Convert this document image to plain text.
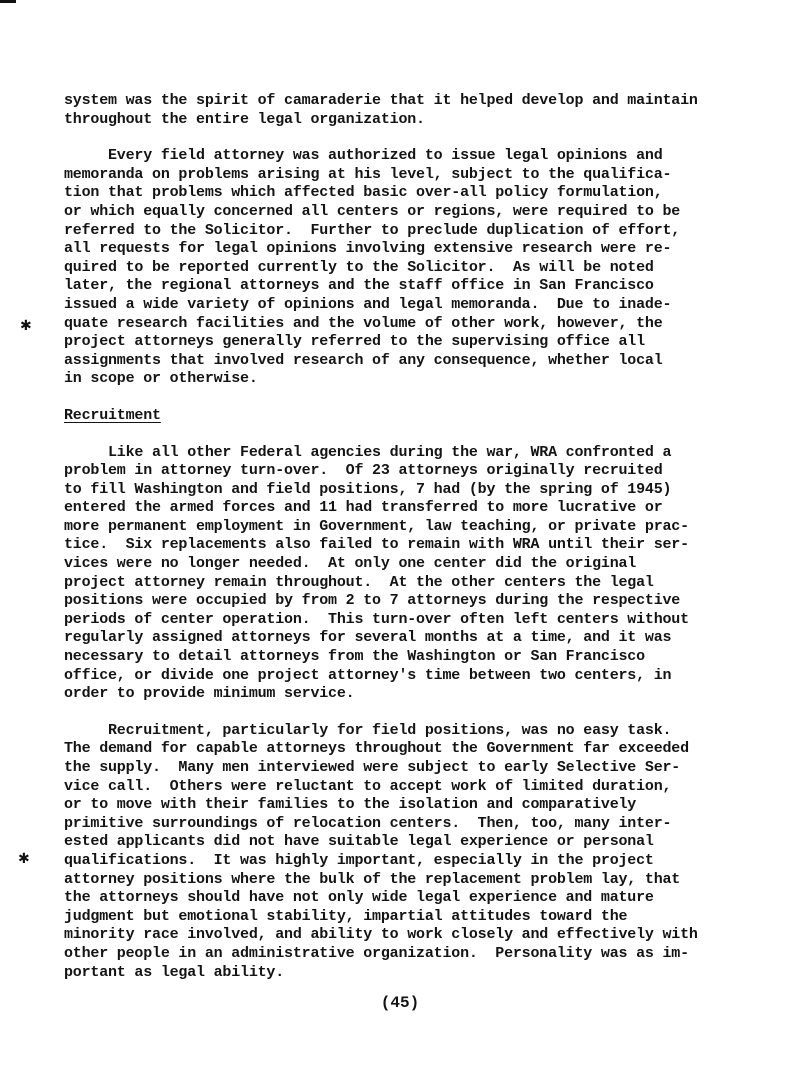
✱
✱
system was the spirit of camaraderie that it helped develop and maintain
throughout the entire legal organization.
Every field attorney was authorized to issue legal opinions and
memoranda on problems arising at his level, subject to the qualifica-
tion that problems which affected basic over-all policy formulation,
or which equally concerned all centers or regions, were required to be
referred to the Solicitor.  Further to preclude duplication of effort,
all requests for legal opinions involving extensive research were re-
quired to be reported currently to the Solicitor.  As will be noted
later, the regional attorneys and the staff office in San Francisco
issued a wide variety of opinions and legal memoranda.  Due to inade-
quate research facilities and the volume of other work, however, the
project attorneys generally referred to the supervising office all
assignments that involved research of any consequence, whether local
in scope or otherwise.
Recruitment
Like all other Federal agencies during the war, WRA confronted a
problem in attorney turn-over.  Of 23 attorneys originally recruited
to fill Washington and field positions, 7 had (by the spring of 1945)
entered the armed forces and 11 had transferred to more lucrative or
more permanent employment in Government, law teaching, or private prac-
tice.  Six replacements also failed to remain with WRA until their ser-
vices were no longer needed.  At only one center did the original
project attorney remain throughout.  At the other centers the legal
positions were occupied by from 2 to 7 attorneys during the respective
periods of center operation.  This turn-over often left centers without
regularly assigned attorneys for several months at a time, and it was
necessary to detail attorneys from the Washington or San Francisco
office, or divide one project attorney's time between two centers, in
order to provide minimum service.
Recruitment, particularly for field positions, was no easy task.
The demand for capable attorneys throughout the Government far exceeded
the supply.  Many men interviewed were subject to early Selective Ser-
vice call.  Others were reluctant to accept work of limited duration,
or to move with their families to the isolation and comparatively
primitive surroundings of relocation centers.  Then, too, many inter-
ested applicants did not have suitable legal experience or personal
qualifications.  It was highly important, especially in the project
attorney positions where the bulk of the replacement problem lay, that
the attorneys should have not only wide legal experience and mature
judgment but emotional stability, impartial attitudes toward the
minority race involved, and ability to work closely and effectively with
other people in an administrative organization.  Personality was as im-
portant as legal ability.
(45)
